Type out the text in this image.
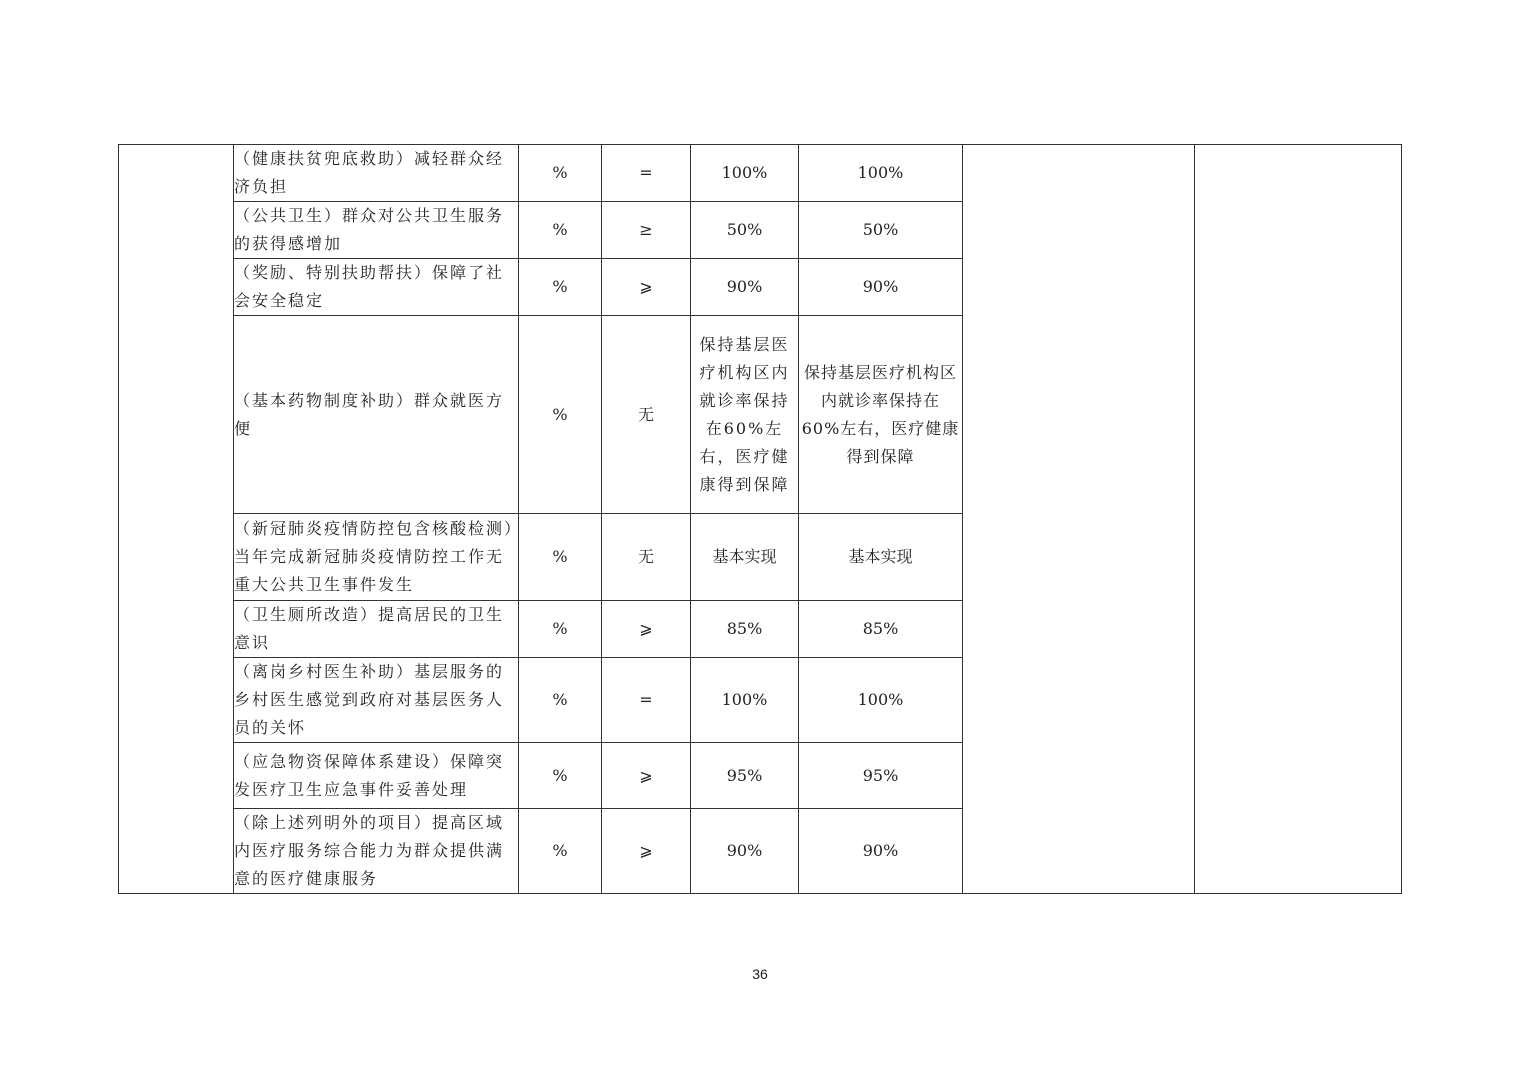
	（健康扶贫兜底救助）减轻群众经济负担	%	=	100%	100%		
	（公共卫生）群众对公共卫生服务的获得感增加	%	≥	50%	50%		
	（奖励、特别扶助帮扶）保障了社会安全稳定	%	⩾	90%	90%		
	（基本药物制度补助）群众就医方便	%	无	保持基层医疗机构区内就诊率保持在60%左右，医疗健康得到保障	保持基层医疗机构区内就诊率保持在 60%左右，医疗健康得到保障		
	（新冠肺炎疫情防控包含核酸检测）当年完成新冠肺炎疫情防控工作无重大公共卫生事件发生	%	无	基本实现	基本实现		
	（卫生厕所改造）提高居民的卫生意识	%	⩾	85%	85%		
	（离岗乡村医生补助）基层服务的乡村医生感觉到政府对基层医务人员的关怀	%	=	100%	100%		
	（应急物资保障体系建设）保障突发医疗卫生应急事件妥善处理	%	⩾	95%	95%		
	（除上述列明外的项目）提高区域内医疗服务综合能力为群众提供满意的医疗健康服务	%	⩾	90%	90%		
36
